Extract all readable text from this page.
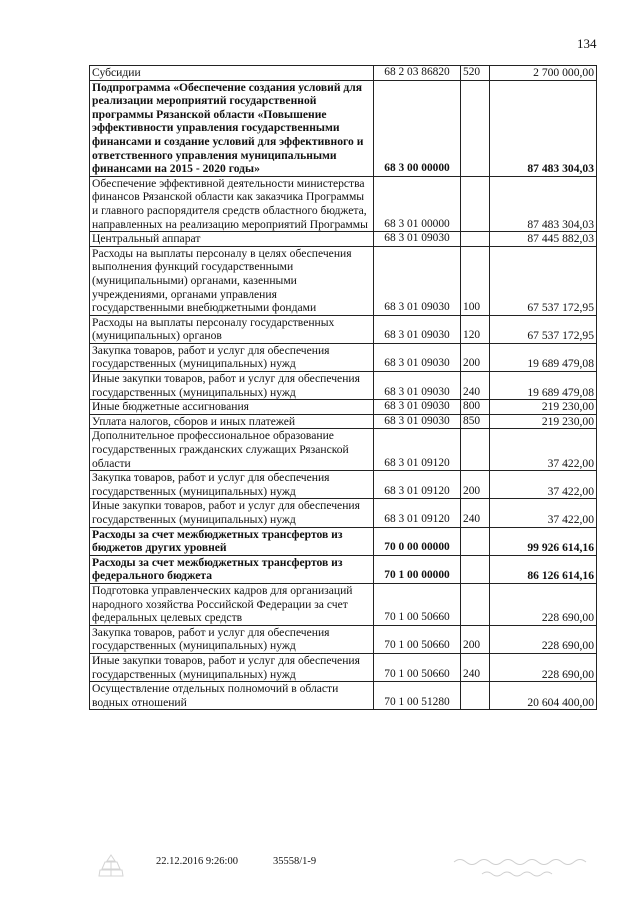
134
Субсидии	68 2 03 86820	520	2 700 000,00
Подпрограмма «Обеспечение создания условий для реализации мероприятий государственной программы Рязанской области «Повышение эффективности управления государственными финансами и создание условий для эффективного и ответственного управления муниципальными финансами на 2015 - 2020 годы»	68 3 00 00000		87 483 304,03
Обеспечение эффективной деятельности министерства финансов Рязанской области как заказчика Программы и главного распорядителя средств областного бюджета, направленных на реализацию мероприятий Программы	68 3 01 00000		87 483 304,03
Центральный аппарат	68 3 01 09030		87 445 882,03
Расходы на выплаты персоналу в целях обеспечения выполнения функций государственными (муниципальными) органами, казенными учреждениями, органами управления государственными внебюджетными фондами	68 3 01 09030	100	67 537 172,95
Расходы на выплаты персоналу государственных (муниципальных) органов	68 3 01 09030	120	67 537 172,95
Закупка товаров, работ и услуг для обеспечения государственных (муниципальных) нужд	68 3 01 09030	200	19 689 479,08
Иные закупки товаров, работ и услуг для обеспечения государственных (муниципальных) нужд	68 3 01 09030	240	19 689 479,08
Иные бюджетные ассигнования	68 3 01 09030	800	219 230,00
Уплата налогов, сборов и иных платежей	68 3 01 09030	850	219 230,00
Дополнительное профессиональное образование государственных гражданских служащих Рязанской области	68 3 01 09120		37 422,00
Закупка товаров, работ и услуг для обеспечения государственных (муниципальных) нужд	68 3 01 09120	200	37 422,00
Иные закупки товаров, работ и услуг для обеспечения государственных (муниципальных) нужд	68 3 01 09120	240	37 422,00
Расходы за счет межбюджетных трансфертов из бюджетов других уровней	70 0 00 00000		99 926 614,16
Расходы за счет межбюджетных трансфертов из федерального бюджета	70 1 00 00000		86 126 614,16
Подготовка управленческих кадров для организаций народного хозяйства Российской Федерации за счет федеральных целевых средств	70 1 00 50660		228 690,00
Закупка товаров, работ и услуг для обеспечения государственных (муниципальных) нужд	70 1 00 50660	200	228 690,00
Иные закупки товаров, работ и услуг для обеспечения государственных (муниципальных) нужд	70 1 00 50660	240	228 690,00
Осуществление отдельных полномочий в области водных отношений	70 1 00 51280		20 604 400,00
22.12.2016 9:26:00	35558/1-9
